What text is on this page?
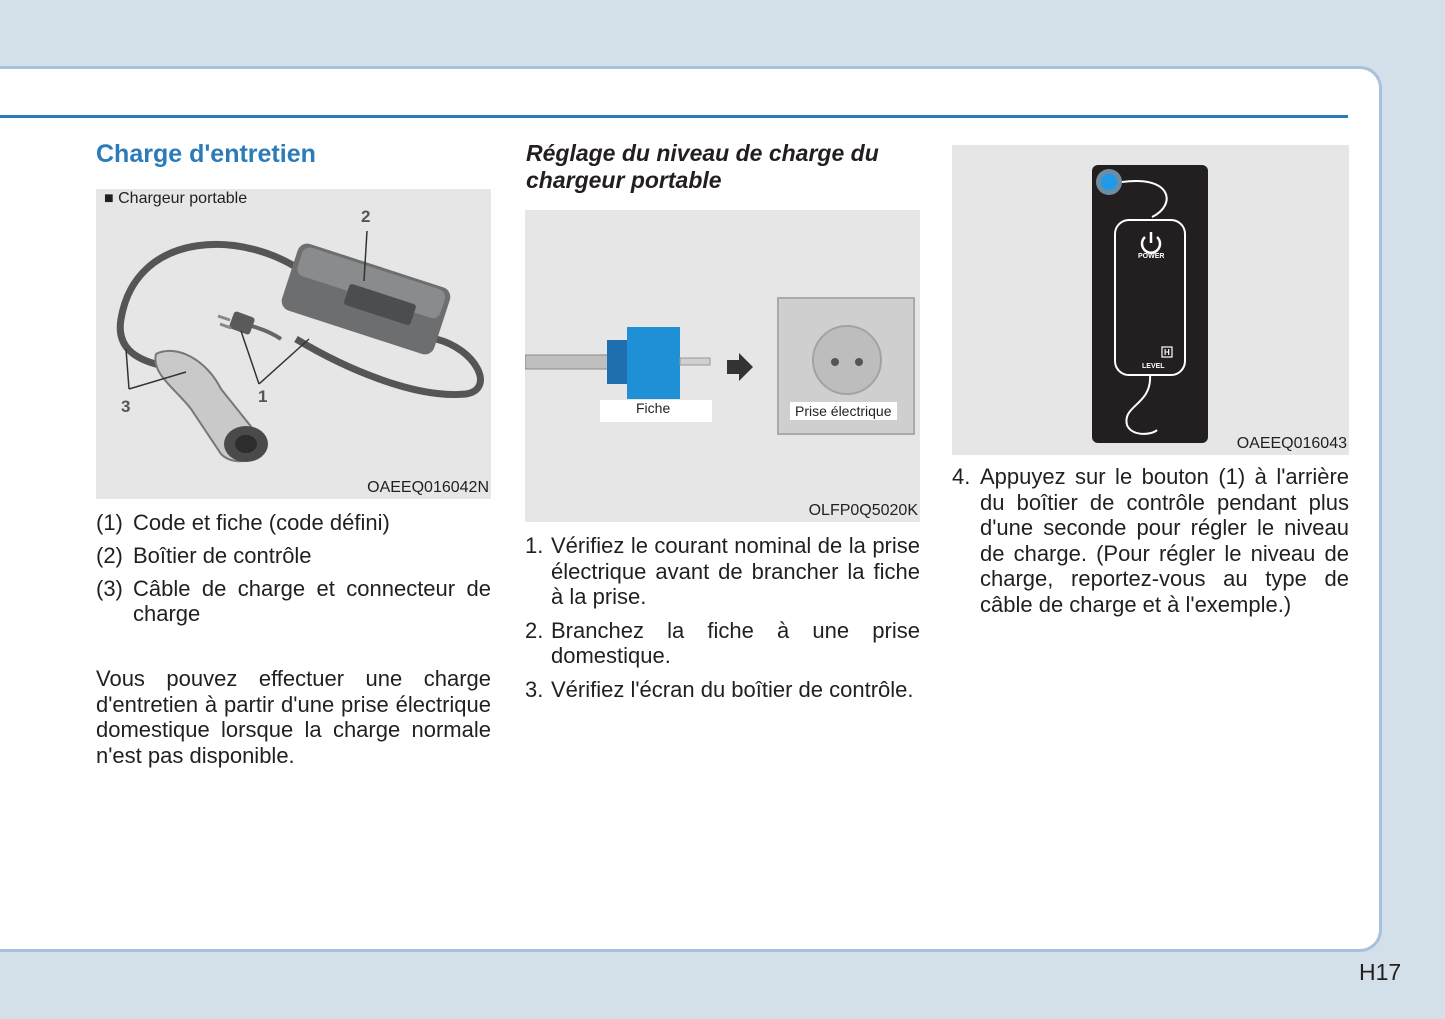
Charge d'entretien
■ Chargeur portable
2
1
3
OAEEQ016042N
(1) Code et fiche (code défini)
(2) Boîtier de contrôle
(3) Câble de charge et connecteur de charge

Vous pouvez effectuer une charge d'entretien à partir d'une prise électrique domestique lorsque la charge normale n'est pas disponible.

Réglage du niveau de charge du chargeur portable
Fiche	Prise électrique
OLFP0Q5020K
1. Vérifiez le courant nominal de la prise électrique avant de brancher la fiche à la prise.
2. Branchez la fiche à une prise domestique.
3. Vérifiez l'écran du boîtier de contrôle.
POWER
LEVEL
H
OAEEQ016043
4. Appuyez sur le bouton (1) à l'arrière du boîtier de contrôle pendant plus d'une seconde pour régler le niveau de charge. (Pour régler le niveau de charge, reportez-vous au type de câble de charge et à l'exemple.)
H17
